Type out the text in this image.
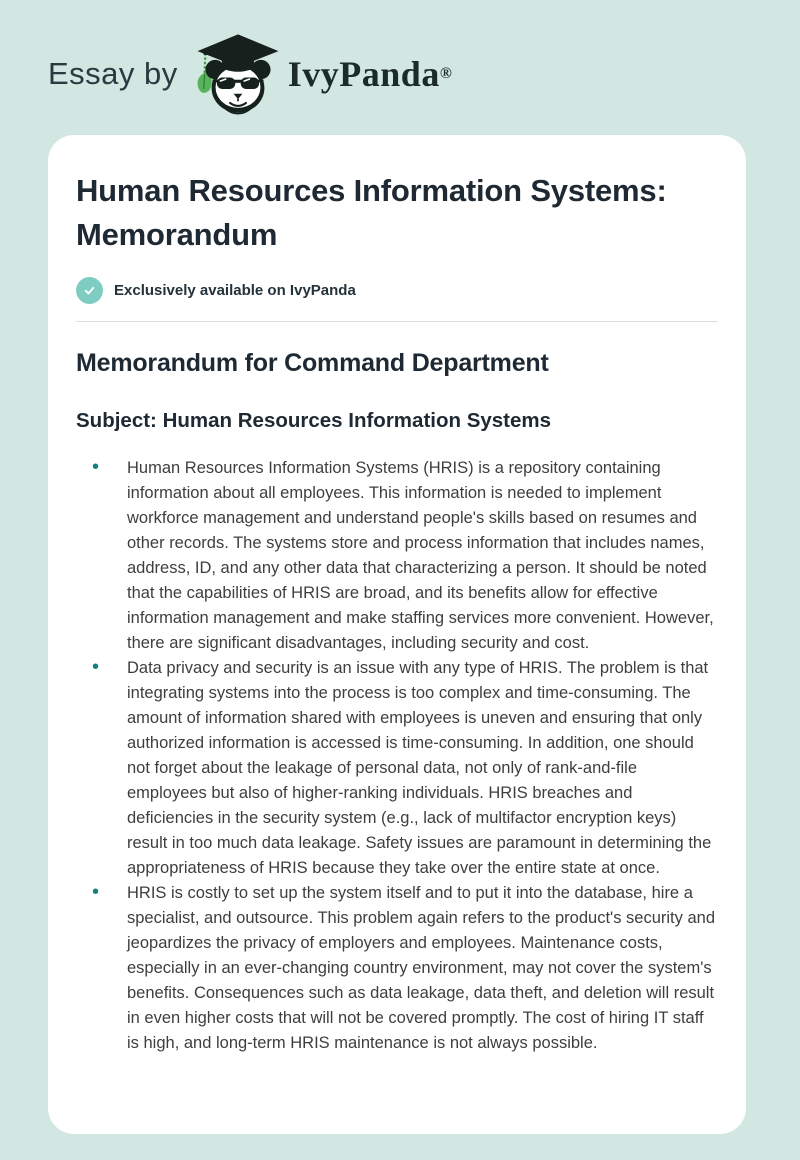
Essay by	IvyPanda ®
Human Resources Information Systems: Memorandum
Exclusively available on IvyPanda
Memorandum for Command Department
Subject: Human Resources Information Systems
• Human Resources Information Systems (HRIS) is a repository containing information about all employees. This information is needed to implement workforce management and understand people's skills based on resumes and other records. The systems store and process information that includes names, address, ID, and any other data that characterizing a person. It should be noted that the capabilities of HRIS are broad, and its benefits allow for effective information management and make staffing services more convenient. However, there are significant disadvantages, including security and cost.
• Data privacy and security is an issue with any type of HRIS. The problem is that integrating systems into the process is too complex and time-consuming. The amount of information shared with employees is uneven and ensuring that only authorized information is accessed is time-consuming. In addition, one should not forget about the leakage of personal data, not only of rank-and-file employees but also of higher-ranking individuals. HRIS breaches and deficiencies in the security system (e.g., lack of multifactor encryption keys) result in too much data leakage. Safety issues are paramount in determining the appropriateness of HRIS because they take over the entire state at once.
• HRIS is costly to set up the system itself and to put it into the database, hire a specialist, and outsource. This problem again refers to the product's security and jeopardizes the privacy of employers and employees. Maintenance costs, especially in an ever-changing country environment, may not cover the system's benefits. Consequences such as data leakage, data theft, and deletion will result in even higher costs that will not be covered promptly. The cost of hiring IT staff is high, and long-term HRIS maintenance is not always possible.
